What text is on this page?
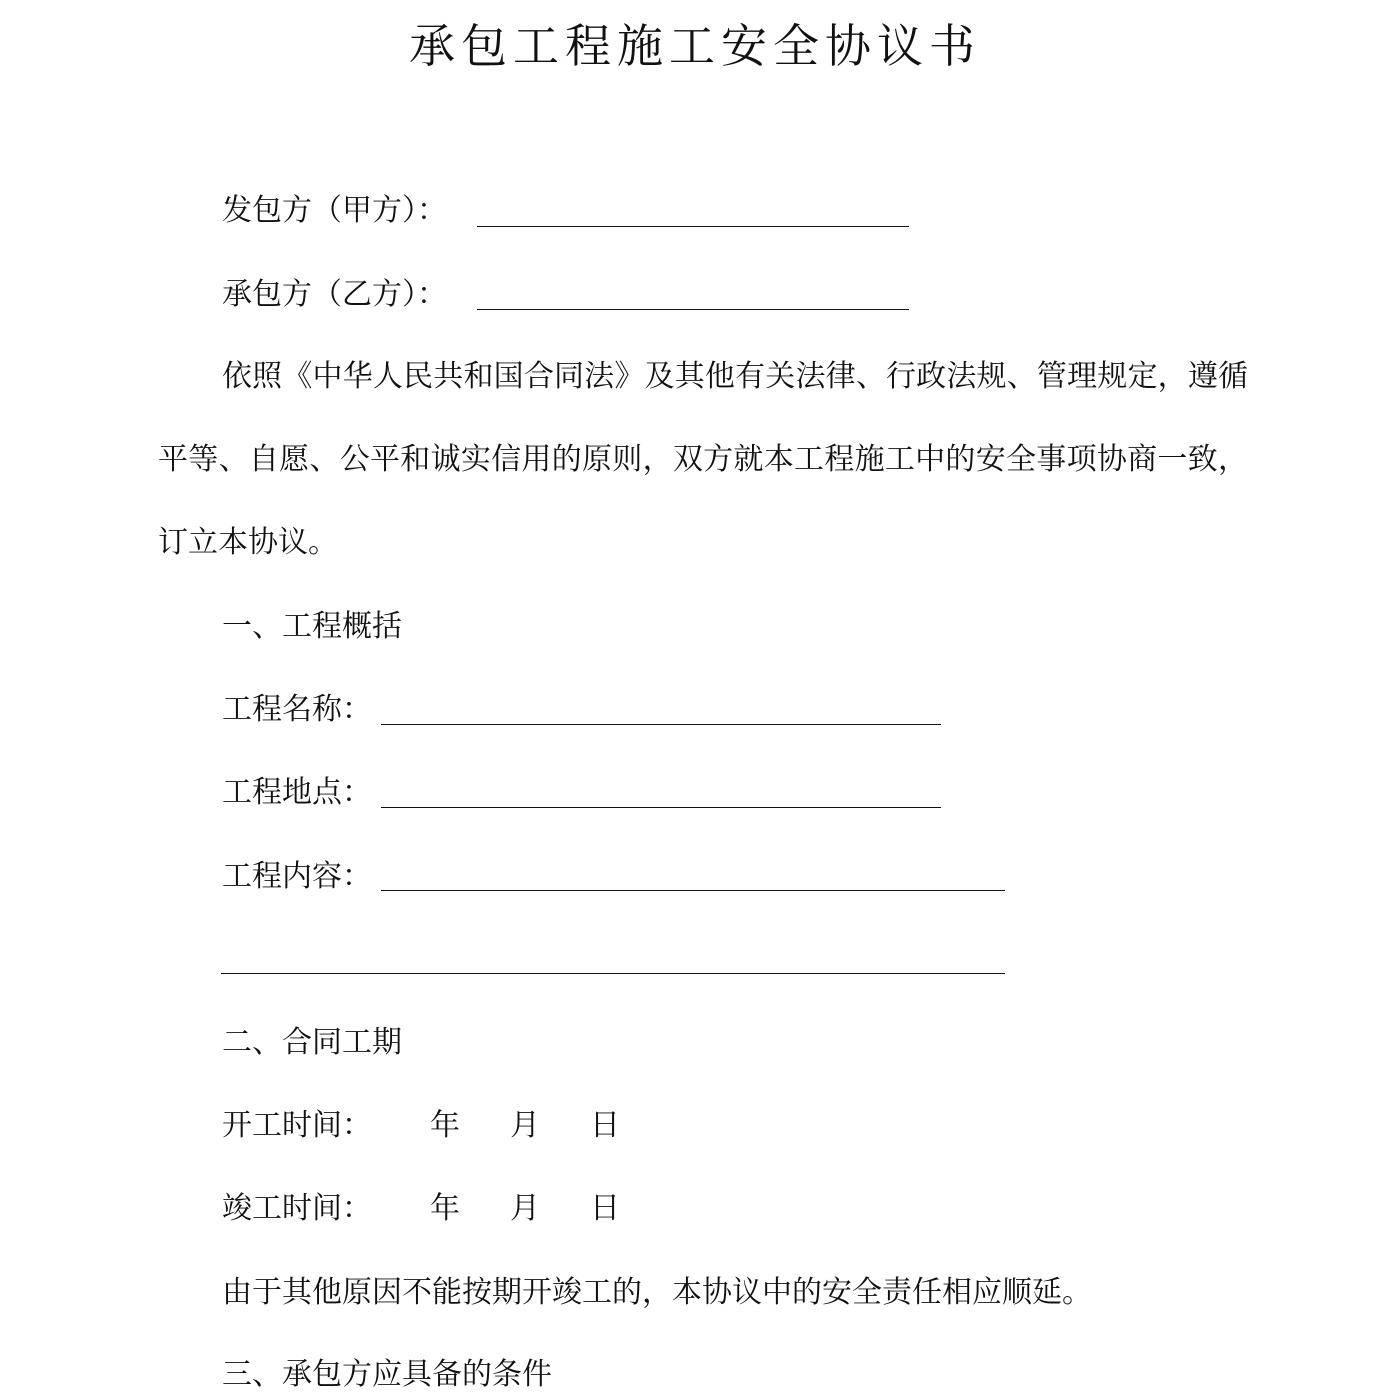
承包工程施工安全协议书
发包方（甲方）：
承包方（乙方）：
依照《中华人民共和国合同法》及其他有关法律、行政法规、管理规定，遵循平等、自愿、公平和诚实信用的原则，双方就本工程施工中的安全事项协商一致，订立本协议。
一、工程概括
工程名称：
工程地点：
工程内容：
二、合同工期
开工时间： 年 月 日
竣工时间： 年 月 日
由于其他原因不能按期开竣工的，本协议中的安全责任相应顺延。
三、承包方应具备的条件
